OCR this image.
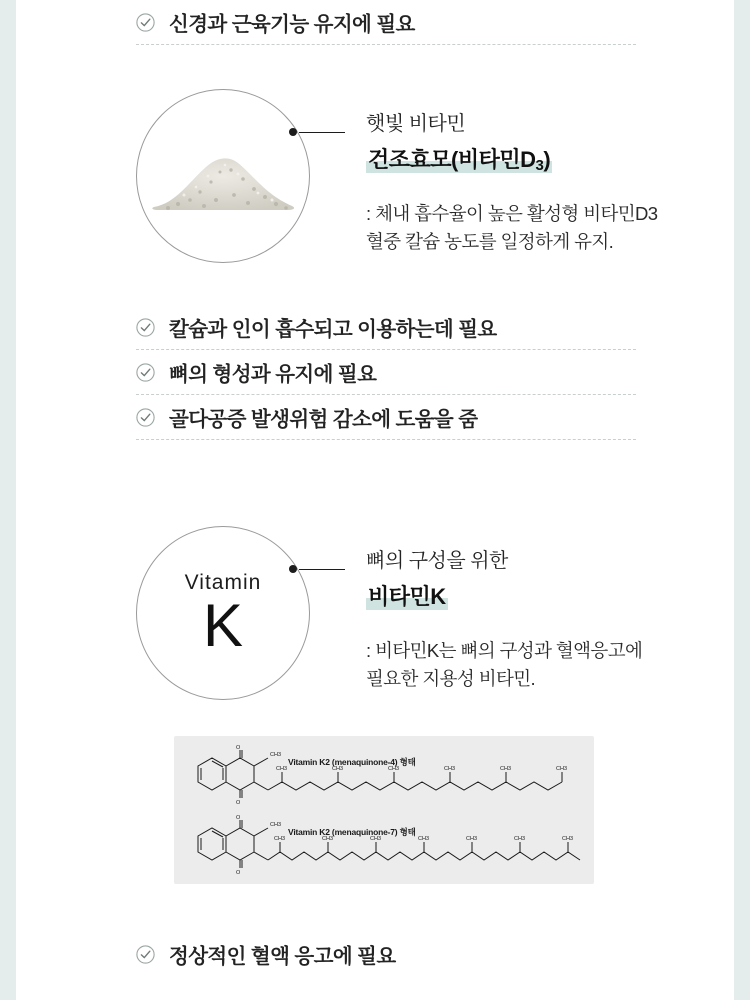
신경과 근육기능 유지에 필요
햇빛 비타민
건조효모(비타민$D_3$)
: 체내 흡수율이 높은 활성형 비타민D3
혈중 칼슘 농도를 일정하게 유지.
칼슘과 인이 흡수되고 이용하는데 필요
뼈의 형성과 유지에 필요
골다공증 발생위험 감소에 도움을 줌
Vitamin
K
뼈의 구성을 위한
비타민K
: 비타민K는 뼈의 구성과 혈액응고에
필요한 지용성 비타민.
Vitamin K2 (menaquinone-4) 형태
Vitamin K2 (menaquinone-7) 형태
O
O
CH3
CH3	CH3	CH3	CH3	CH3	CH3
O
O
CH3
CH3	CH3	CH3	CH3	CH3	CH3	CH3
정상적인 혈액 응고에 필요
